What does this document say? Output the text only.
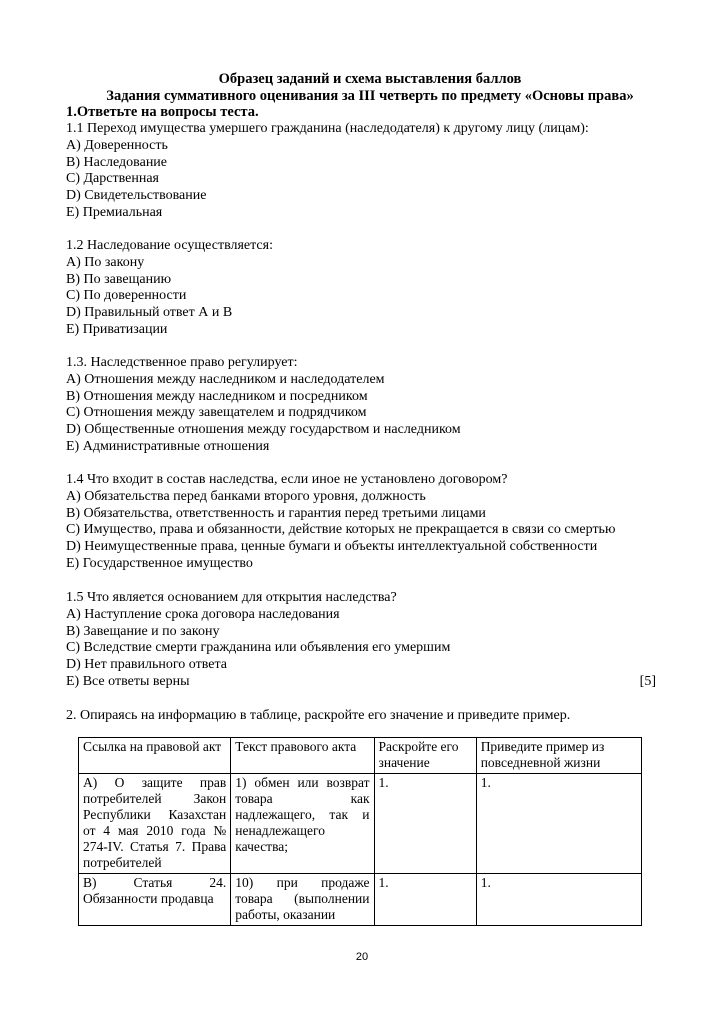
Образец заданий и схема выставления баллов
Задания суммативного оценивания за III четверть по предмету «Основы права»
1.Ответьте на вопросы теста.
1.1 Переход имущества умершего гражданина (наследодателя) к другому лицу (лицам):
A) Доверенность
B) Наследование
C) Дарственная
D) Свидетельствование
E) Премиальная
1.2 Наследование осуществляется:
A) По закону
B) По завещанию
C) По доверенности
D) Правильный ответ А и В
E) Приватизации
1.3. Наследственное право регулирует:
A) Отношения между наследником и наследодателем
B) Отношения между наследником и посредником
C) Отношения между завещателем и подрядчиком
D) Общественные отношения между государством и наследником
E) Административные отношения
1.4 Что входит в состав наследства, если иное не установлено договором?
A) Обязательства перед банками второго уровня, должность
B) Обязательства, ответственность и гарантия перед третьими лицами
C) Имущество, права и обязанности, действие которых не прекращается в связи со смертью
D) Неимущественные права, ценные бумаги и объекты интеллектуальной собственности
E) Государственное имущество
1.5 Что является основанием для открытия наследства?
A) Наступление срока договора наследования
B) Завещание и по закону
C) Вследствие смерти гражданина или объявления его умершим
D) Нет правильного ответа
E) Все ответы верны	[5]
2. Опираясь на информацию в таблице, раскройте его значение и приведите пример.
Ссылка на правовой акт	Текст правового акта	Раскройте его значение	Приведите пример из повседневной жизни
А) О защите прав потребителей Закон Республики Казахстан от 4 мая 2010 года № 274-IV. Статья 7. Права потребителей	1) обмен или возврат товара как надлежащего, так и ненадлежащего качества;	1.	1.
В) Статья 24. Обязанности продавца	10) при продаже товара (выполнении работы, оказании	1.	1.
20
